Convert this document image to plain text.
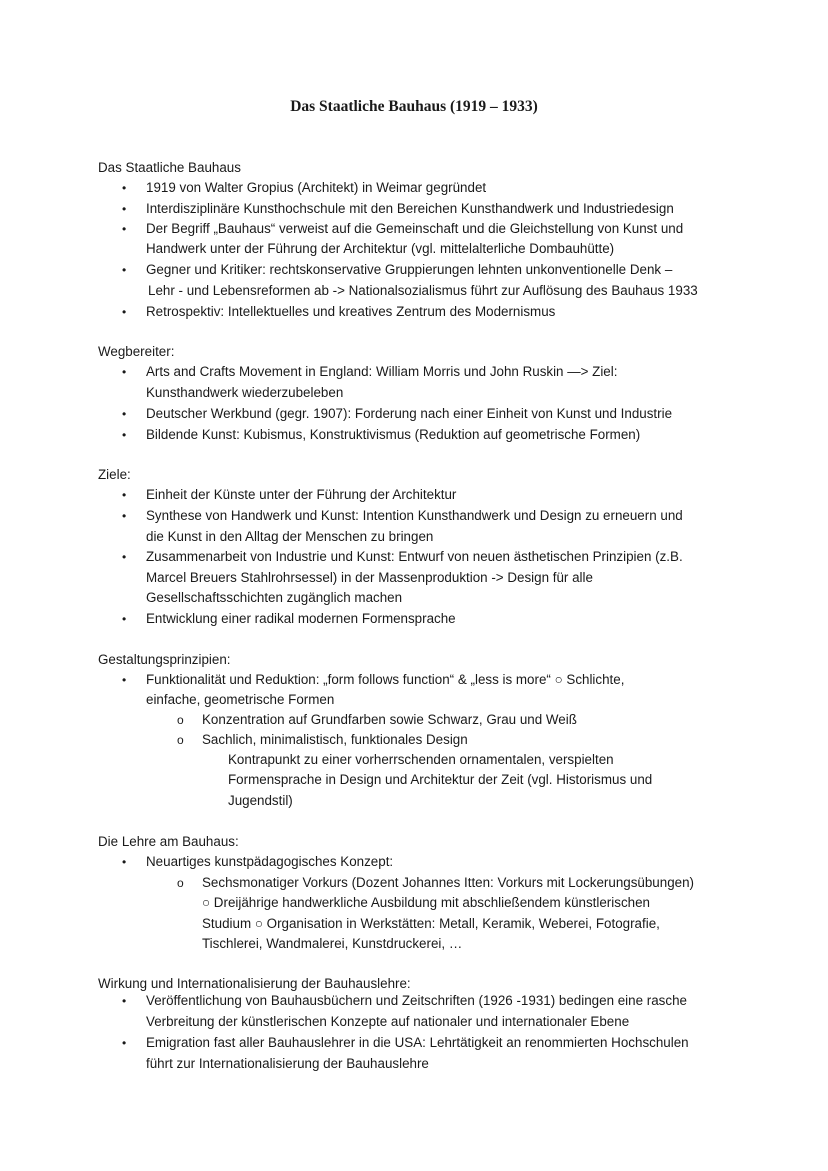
Das Staatliche Bauhaus (1919 – 1933)
Das Staatliche Bauhaus
• 1919 von Walter Gropius (Architekt) in Weimar gegründet
• Interdisziplinäre Kunsthochschule mit den Bereichen Kunsthandwerk und Industriedesign
• Der Begriff „Bauhaus“ verweist auf die Gemeinschaft und die Gleichstellung von Kunst und
Handwerk unter der Führung der Architektur (vgl. mittelalterliche Dombauhütte)
• Gegner und Kritiker: rechtskonservative Gruppierungen lehnten unkonventionelle Denk –
Lehr - und Lebensreformen ab -> Nationalsozialismus führt zur Auflösung des Bauhaus 1933
• Retrospektiv: Intellektuelles und kreatives Zentrum des Modernismus
Wegbereiter:
• Arts and Crafts Movement in England: William Morris und John Ruskin —> Ziel:
Kunsthandwerk wiederzubeleben
• Deutscher Werkbund (gegr. 1907): Forderung nach einer Einheit von Kunst und Industrie
• Bildende Kunst: Kubismus, Konstruktivismus (Reduktion auf geometrische Formen)
Ziele:
• Einheit der Künste unter der Führung der Architektur
• Synthese von Handwerk und Kunst: Intention Kunsthandwerk und Design zu erneuern und
die Kunst in den Alltag der Menschen zu bringen
• Zusammenarbeit von Industrie und Kunst: Entwurf von neuen ästhetischen Prinzipien (z.B.
Marcel Breuers Stahlrohrsessel) in der Massenproduktion -> Design für alle
Gesellschaftsschichten zugänglich machen
• Entwicklung einer radikal modernen Formensprache
Gestaltungsprinzipien:
• Funktionalität und Reduktion: „form follows function“ & „less is more“ ○ Schlichte,
einfache, geometrische Formen
o Konzentration auf Grundfarben sowie Schwarz, Grau und Weiß
o Sachlich, minimalistisch, funktionales Design
Kontrapunkt zu einer vorherrschenden ornamentalen, verspielten
Formensprache in Design und Architektur der Zeit (vgl. Historismus und
Jugendstil)
Die Lehre am Bauhaus:
• Neuartiges kunstpädagogisches Konzept:
o Sechsmonatiger Vorkurs (Dozent Johannes Itten: Vorkurs mit Lockerungsübungen)
○ Dreijährige handwerkliche Ausbildung mit abschließendem künstlerischen
Studium ○ Organisation in Werkstätten: Metall, Keramik, Weberei, Fotografie,
Tischlerei, Wandmalerei, Kunstdruckerei, …
Wirkung und Internationalisierung der Bauhauslehre:
• Veröffentlichung von Bauhausbüchern und Zeitschriften (1926 -1931) bedingen eine rasche
Verbreitung der künstlerischen Konzepte auf nationaler und internationaler Ebene
• Emigration fast aller Bauhauslehrer in die USA: Lehrtätigkeit an renommierten Hochschulen
führt zur Internationalisierung der Bauhauslehre
